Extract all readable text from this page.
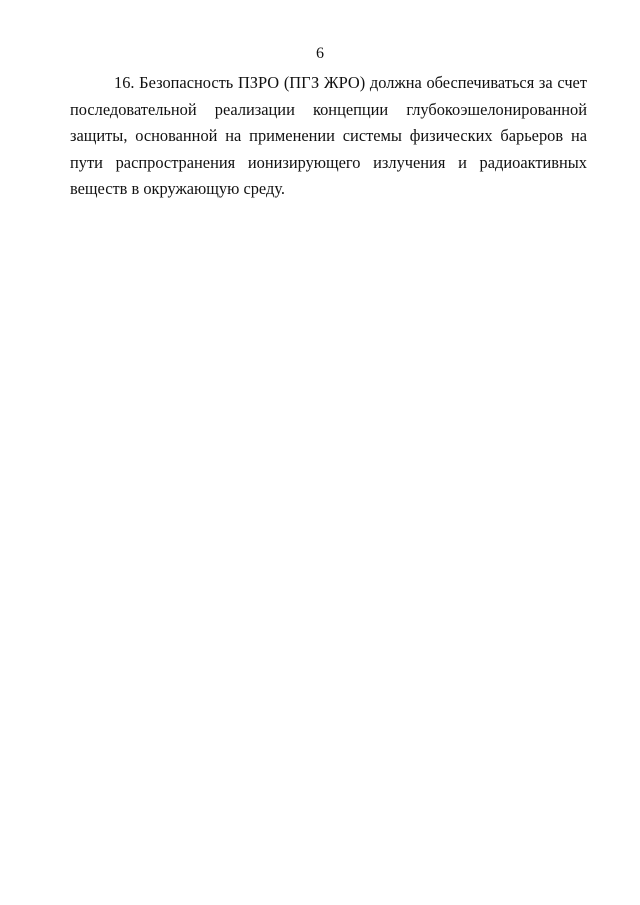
6

16. Безопасность ПЗРО (ПГЗ ЖРО) должна обеспечиваться за счет последовательной реализации концепции глубокоэшелонированной защиты, основанной на применении системы физических барьеров на пути распространения ионизирующего излучения и радиоактивных веществ в окружающую среду.
